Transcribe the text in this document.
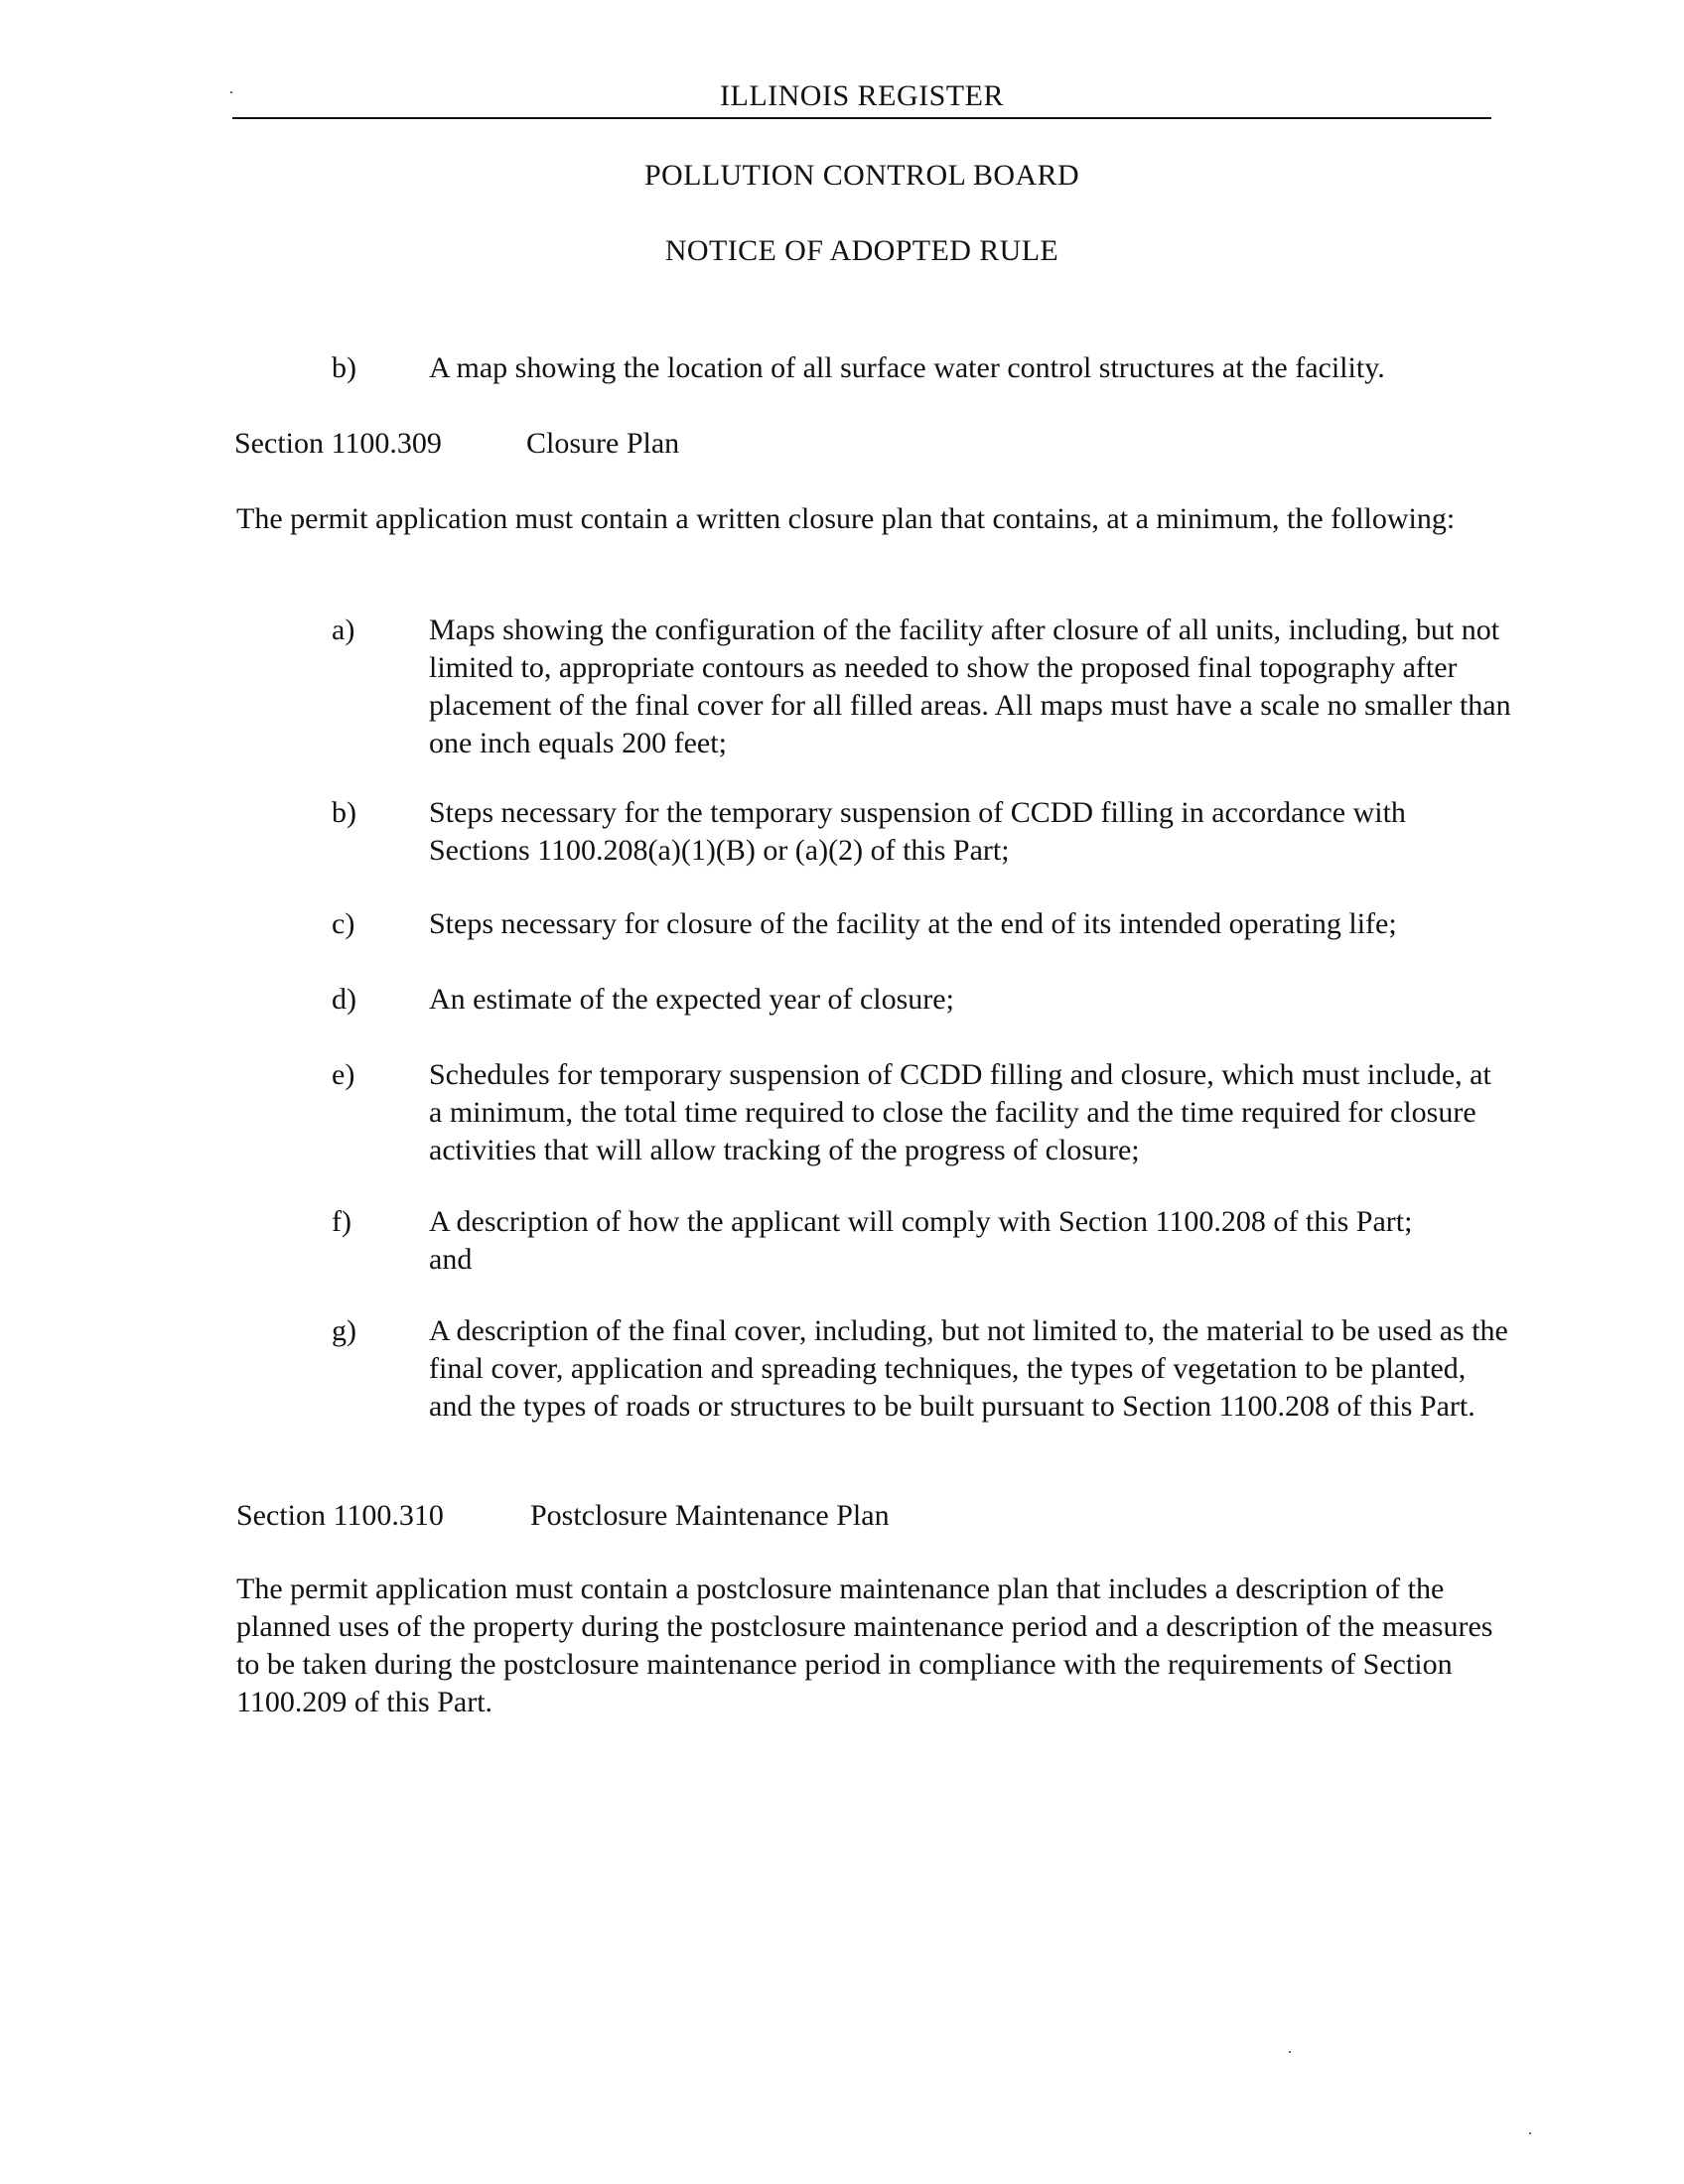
ILLINOIS REGISTER
POLLUTION CONTROL BOARD
NOTICE OF ADOPTED RULE
b) A map showing the location of all surface water control structures at the facility.
Section 1100.309	Closure Plan
The permit application must contain a written closure plan that contains, at a minimum, the following:
a) Maps showing the configuration of the facility after closure of all units, including, but not limited to, appropriate contours as needed to show the proposed final topography after placement of the final cover for all filled areas. All maps must have a scale no smaller than one inch equals 200 feet;
b) Steps necessary for the temporary suspension of CCDD filling in accordance with Sections 1100.208(a)(1)(B) or (a)(2) of this Part;
c) Steps necessary for closure of the facility at the end of its intended operating life;
d) An estimate of the expected year of closure;
e) Schedules for temporary suspension of CCDD filling and closure, which must include, at a minimum, the total time required to close the facility and the time required for closure activities that will allow tracking of the progress of closure;
f)	A description of how the applicant will comply with Section 1100.208 of this Part; and
g) A description of the final cover, including, but not limited to, the material to be used as the final cover, application and spreading techniques, the types of vegetation to be planted, and the types of roads or structures to be built pursuant to Section 1100.208 of this Part.
Section 1100.310	Postclosure Maintenance Plan
The permit application must contain a postclosure maintenance plan that includes a description of the planned uses of the property during the postclosure maintenance period and a description of the measures to be taken during the postclosure maintenance period in compliance with the requirements of Section 1100.209 of this Part.
